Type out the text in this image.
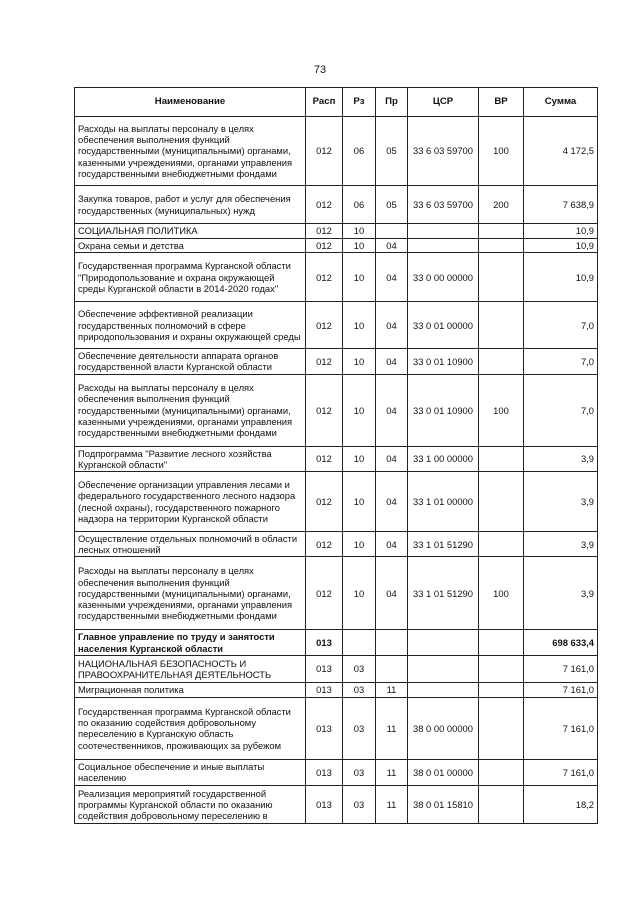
73
Наименование	Расп	Рз	Пр	ЦСР	ВР	Сумма
Расходы на выплаты персоналу в целях обеспечения выполнения функций государственными (муниципальными) органами, казенными учреждениями, органами управления государственными внебюджетными фондами	012	06	05	33 6 03 59700	100	4 172,5
Закупка товаров, работ и услуг для обеспечения государственных (муниципальных) нужд	012	06	05	33 6 03 59700	200	7 638,9
СОЦИАЛЬНАЯ ПОЛИТИКА	012	10				10,9
Охрана семьи и детства	012	10	04			10,9
Государственная программа Курганской области "Природопользование и охрана окружающей среды Курганской области в 2014-2020 годах"	012	10	04	33 0 00 00000		10,9
Обеспечение эффективной реализации государственных полномочий в сфере природопользования и охраны окружающей среды	012	10	04	33 0 01 00000		7,0
Обеспечение деятельности аппарата органов государственной власти Курганской области	012	10	04	33 0 01 10900		7,0
Расходы на выплаты персоналу в целях обеспечения выполнения функций государственными (муниципальными) органами, казенными учреждениями, органами управления государственными внебюджетными фондами	012	10	04	33 0 01 10900	100	7,0
Подпрограмма "Развитие лесного хозяйства Курганской области"	012	10	04	33 1 00 00000		3,9
Обеспечение организации управления лесами и федерального государственного лесного надзора (лесной охраны), государственного пожарного надзора на территории Курганской области	012	10	04	33 1 01 00000		3,9
Осуществление отдельных полномочий в области лесных отношений	012	10	04	33 1 01 51290		3,9
Расходы на выплаты персоналу в целях обеспечения выполнения функций государственными (муниципальными) органами, казенными учреждениями, органами управления государственными внебюджетными фондами	012	10	04	33 1 01 51290	100	3,9
Главное управление по труду и занятости населения Курганской области	013					698 633,4
НАЦИОНАЛЬНАЯ БЕЗОПАСНОСТЬ И ПРАВООХРАНИТЕЛЬНАЯ ДЕЯТЕЛЬНОСТЬ	013	03				7 161,0
Миграционная политика	013	03	11			7 161,0
Государственная программа Курганской области по оказанию содействия добровольному переселению в Курганскую область соотечественников, проживающих за рубежом	013	03	11	38 0 00 00000		7 161,0
Социальное обеспечение и иные выплаты населению	013	03	11	38 0 01 00000		7 161,0
Реализация мероприятий государственной программы Курганской области по оказанию содействия добровольному переселению в	013	03	11	38 0 01 15810		18,2
